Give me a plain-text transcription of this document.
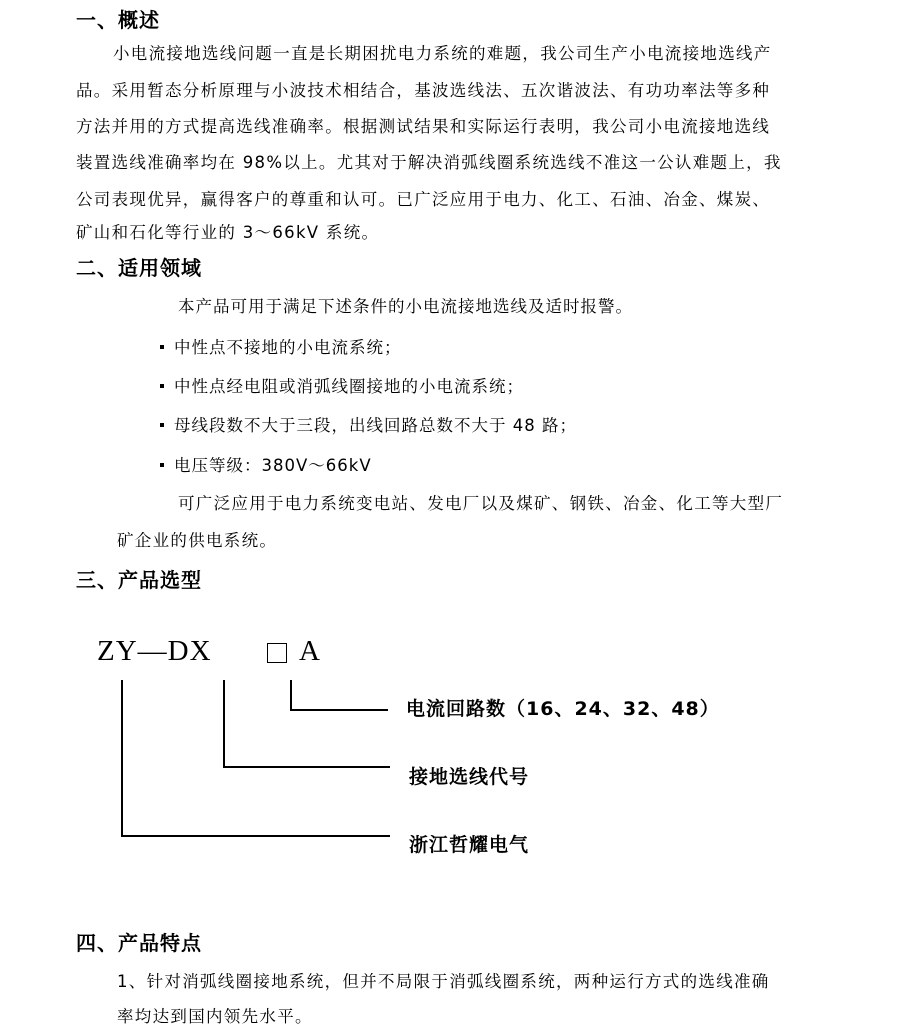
一、概述
小电流接地选线问题一直是长期困扰电力系统的难题，我公司生产小电流接地选线产
品。采用暂态分析原理与小波技术相结合，基波选线法、五次谐波法、有功功率法等多种
方法并用的方式提高选线准确率。根据测试结果和实际运行表明，我公司小电流接地选线
装置选线准确率均在 98%以上。尤其对于解决消弧线圈系统选线不准这一公认难题上，我
公司表现优异，赢得客户的尊重和认可。已广泛应用于电力、化工、石油、冶金、煤炭、
矿山和石化等行业的 3～66kV 系统。
二、适用领域
本产品可用于满足下述条件的小电流接地选线及适时报警。
中性点不接地的小电流系统；
中性点经电阻或消弧线圈接地的小电流系统；
母线段数不大于三段，出线回路总数不大于 48 路；
电压等级：380V～66kV
可广泛应用于电力系统变电站、发电厂以及煤矿、钢铁、冶金、化工等大型厂
矿企业的供电系统。
三、产品选型
ZY—DX	A
电流回路数（16、24、32、48）
接地选线代号
浙江哲耀电气
四、产品特点
1、针对消弧线圈接地系统，但并不局限于消弧线圈系统，两种运行方式的选线准确
率均达到国内领先水平。
